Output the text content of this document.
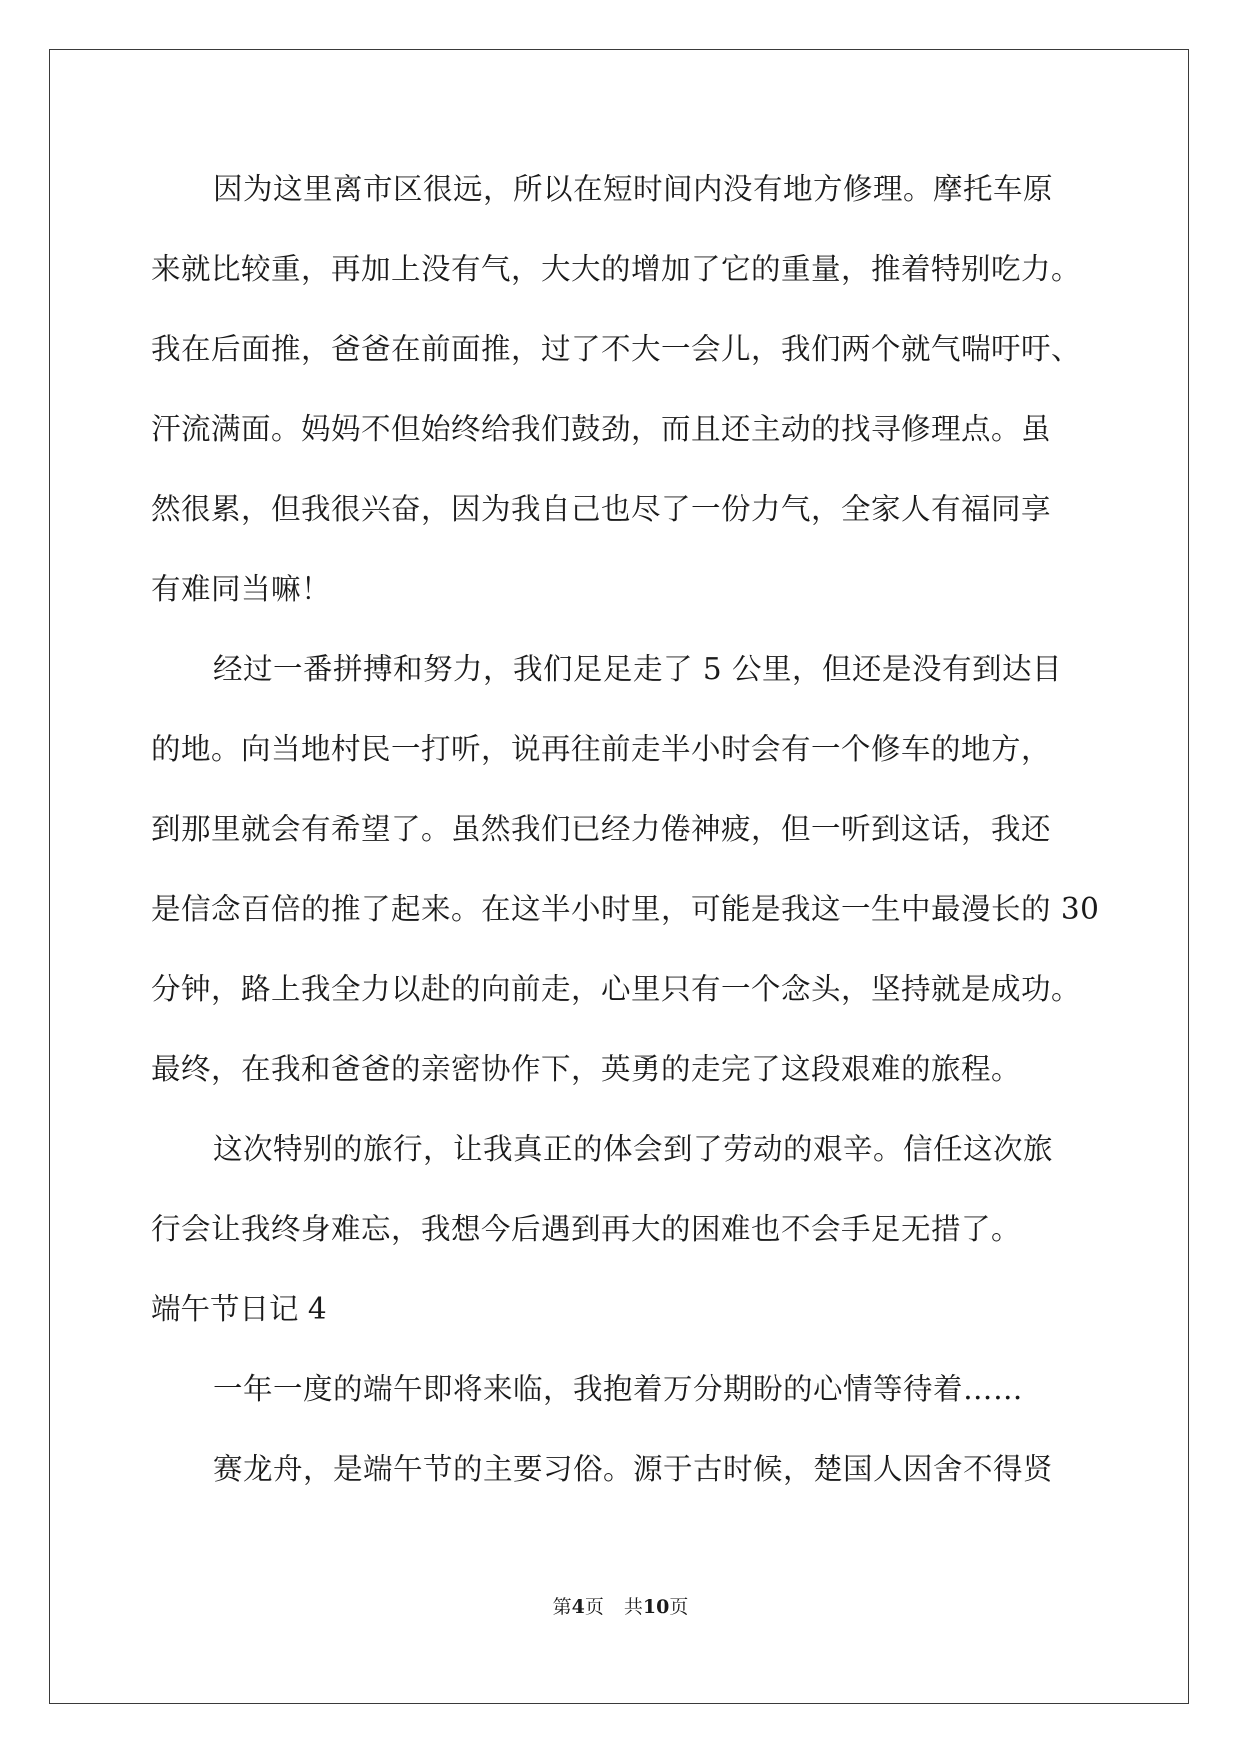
因为这里离市区很远，所以在短时间内没有地方修理。摩托车原
来就比较重，再加上没有气，大大的增加了它的重量，推着特别吃力。
我在后面推，爸爸在前面推，过了不大一会儿，我们两个就气喘吁吁、
汗流满面。妈妈不但始终给我们鼓劲，而且还主动的找寻修理点。虽
然很累，但我很兴奋，因为我自己也尽了一份力气，全家人有福同享
有难同当嘛！
经过一番拼搏和努力，我们足足走了 5 公里，但还是没有到达目
的地。向当地村民一打听，说再往前走半小时会有一个修车的地方，
到那里就会有希望了。虽然我们已经力倦神疲，但一听到这话，我还
是信念百倍的推了起来。在这半小时里，可能是我这一生中最漫长的 30
分钟，路上我全力以赴的向前走，心里只有一个念头，坚持就是成功。
最终，在我和爸爸的亲密协作下，英勇的走完了这段艰难的旅程。
这次特别的旅行，让我真正的体会到了劳动的艰辛。信任这次旅
行会让我终身难忘，我想今后遇到再大的困难也不会手足无措了。
端午节日记 4
一年一度的端午即将来临，我抱着万分期盼的心情等待着……
赛龙舟，是端午节的主要习俗。源于古时候，楚国人因舍不得贤
第4页 共10页
